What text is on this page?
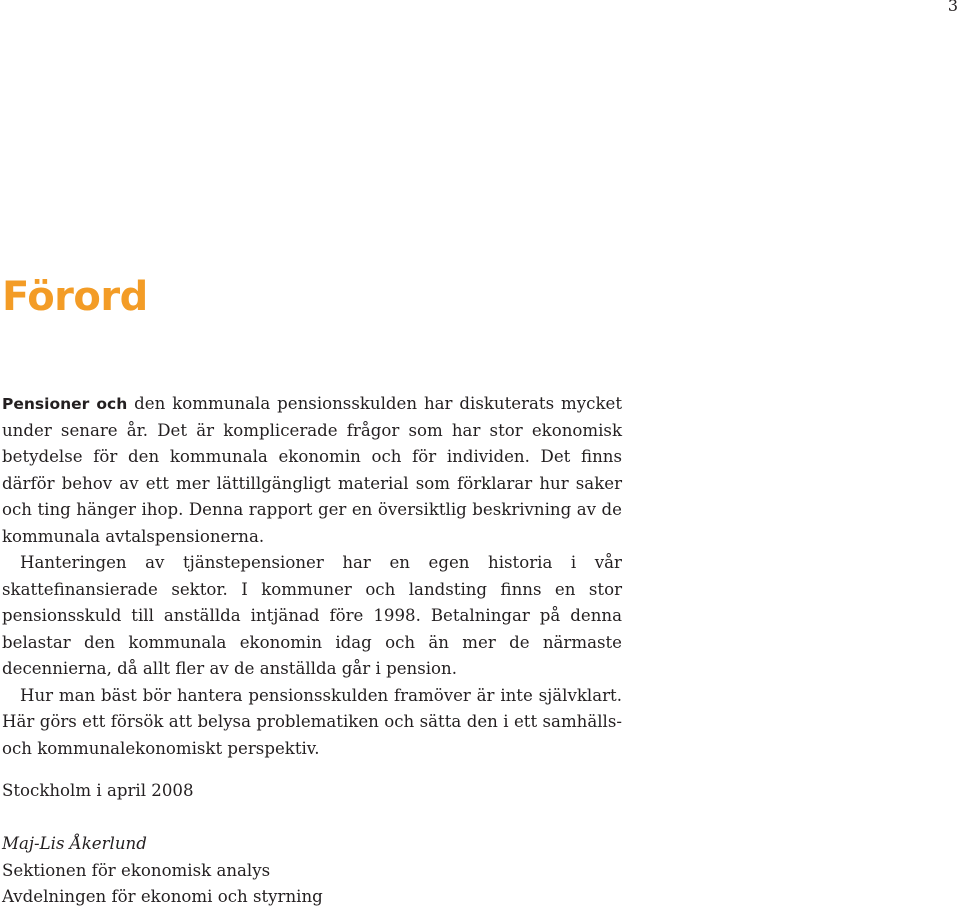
3
Förord

Pensioner och den kommunala pensionsskulden har diskuterats mycket under senare år. Det är komplicerade frågor som har stor ekonomisk betydelse för den kommunala ekonomin och för individen. Det finns därför behov av ett mer lättillgängligt material som förklarar hur saker och ting hänger ihop. Denna rapport ger en översiktlig beskrivning av de kommunala avtalspensionerna.

Hanteringen av tjänstepensioner har en egen historia i vår skattefinansierade sektor. I kommuner och landsting finns en stor pensionsskuld till anställda intjänad före 1998. Betalningar på denna belastar den kommunala ekonomin idag och än mer de närmaste decennierna, då allt fler av de anställda går i pension.

Hur man bäst bör hantera pensionsskulden framöver är inte självklart. Här görs ett försök att belysa problematiken och sätta den i ett samhälls- och kommunalekonomiskt perspektiv.

Stockholm i april 2008
Maj-Lis Åkerlund
Sektionen för ekonomisk analys
Avdelningen för ekonomi och styrning
